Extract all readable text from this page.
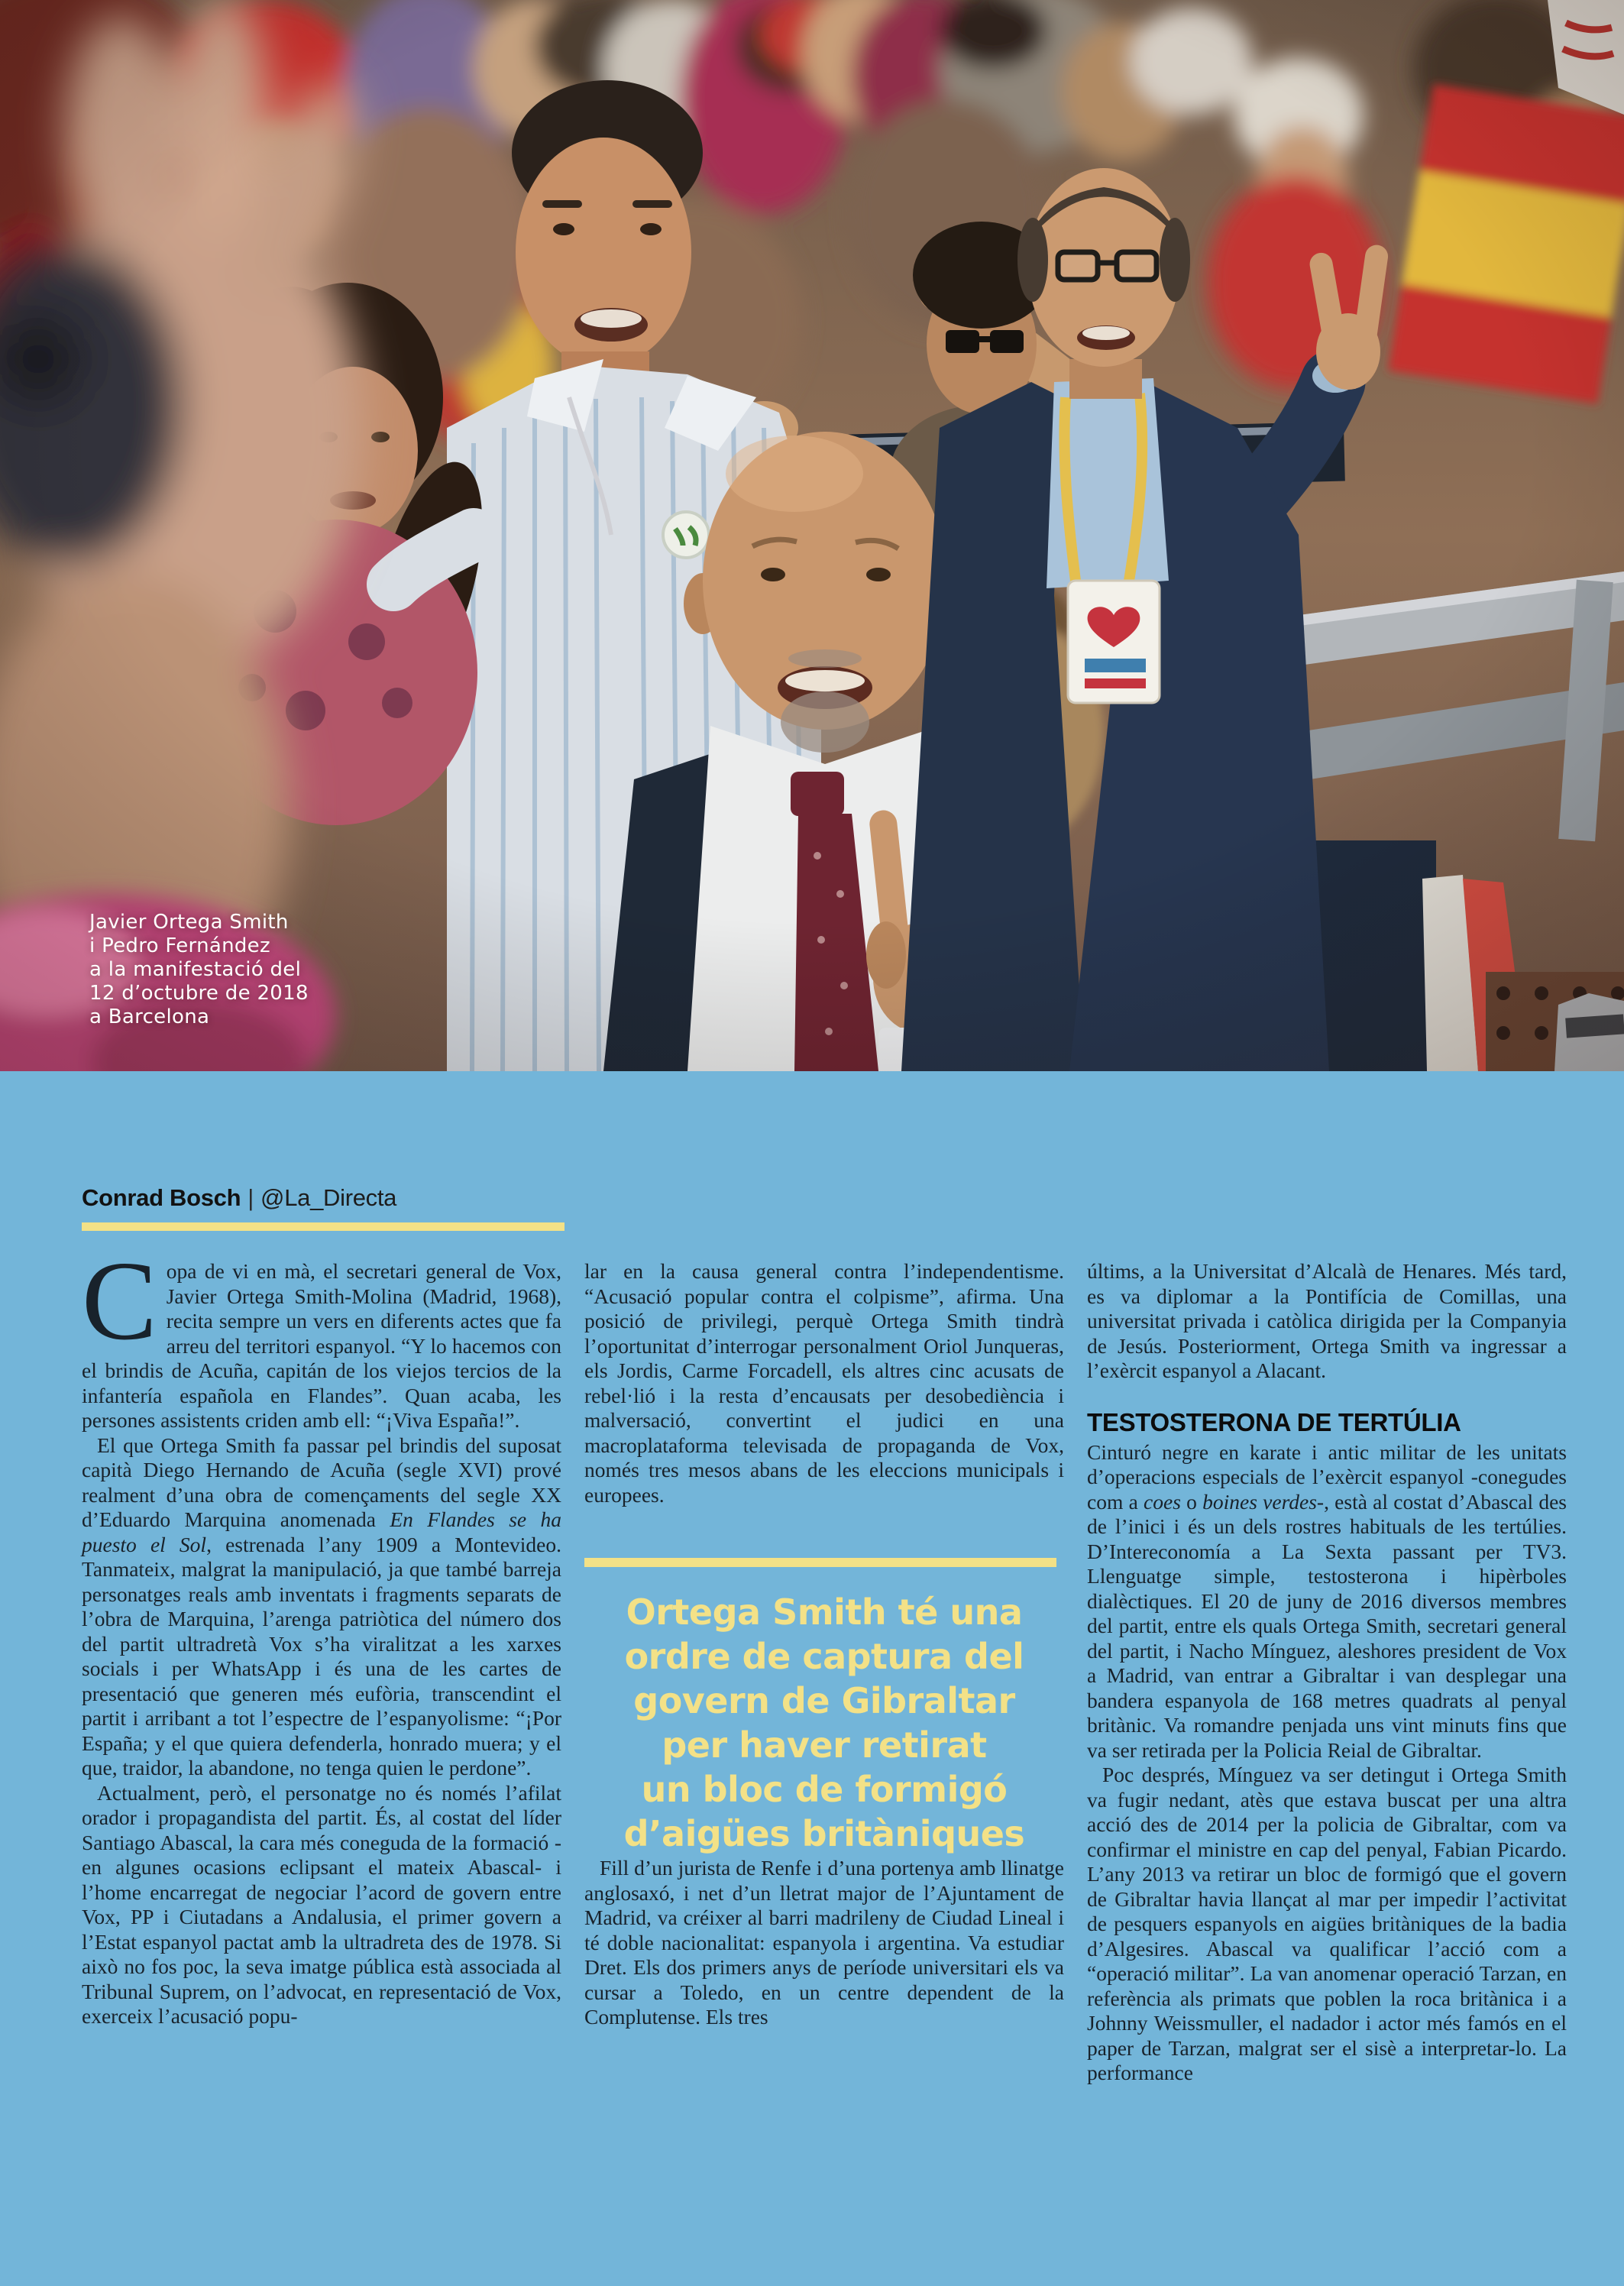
Javier Ortega Smith
i Pedro Fernández
a la manifestació del
12 d’octubre de 2018
a Barcelona
Conrad Bosch | @La_Directa

Copa de vi en mà, el secretari general de Vox, Javier Ortega Smith-Molina (Madrid, 1968), recita sempre un vers en diferents actes que fa arreu del territori espanyol. “Y lo hacemos con el brindis de Acuña, capitán de los viejos tercios de la infantería española en Flandes”. Quan acaba, les persones assistents criden amb ell: “¡Viva España!”.

El que Ortega Smith fa passar pel brindis del suposat capità Diego Hernando de Acuña (segle XVI) prové realment d’una obra de començaments del segle XX d’Eduardo Marquina anomenada En Flandes se ha puesto el Sol, estrenada l’any 1909 a Montevideo. Tanmateix, malgrat la manipulació, ja que també barreja personatges reals amb inventats i fragments separats de l’obra de Marquina, l’arenga patriòtica del número dos del partit ultradretà Vox s’ha viralitzat a les xarxes socials i per WhatsApp i és una de les cartes de presentació que generen més eufòria, transcendint el partit i arribant a tot l’espectre de l’espanyolisme: “¡Por España; y el que quiera defenderla, honrado muera; y el que, traidor, la abandone, no tenga quien le perdone”.

Actualment, però, el personatge no és només l’afilat orador i propagandista del partit. És, al costat del líder Santiago Abascal, la cara més coneguda de la formació -en algunes ocasions eclipsant el mateix Abascal- i l’home encarregat de negociar l’acord de govern entre Vox, PP i Ciutadans a Andalusia, el primer govern a l’Estat espanyol pactat amb la ultradreta des de 1978. Si això no fos poc, la seva imatge pública està associada al Tribunal Suprem, on l’advocat, en representació de Vox, exerceix l’acusació popu-

lar en la causa general contra l’independentisme. “Acusació popular contra el colpisme”, afirma. Una posició de privilegi, perquè Ortega Smith tindrà l’oportunitat d’interrogar personalment Oriol Junqueras, els Jordis, Carme Forcadell, els altres cinc acusats de rebel·lió i la resta d’encausats per desobediència i malversació, convertint el judici en una macroplataforma televisada de propaganda de Vox, només tres mesos abans de les eleccions municipals i europees.

Ortega Smith té una
ordre de captura del
govern de Gibraltar
per haver retirat
un bloc de formigó
d’aigües britàniques

Fill d’un jurista de Renfe i d’una portenya amb llinatge anglosaxó, i net d’un lletrat major de l’Ajuntament de Madrid, va créixer al barri madrileny de Ciudad Lineal i té doble nacionalitat: espanyola i argentina. Va estudiar Dret. Els dos primers anys de període universitari els va cursar a Toledo, en un centre dependent de la Complutense. Els tres

últims, a la Universitat d’Alcalà de Henares. Més tard, es va diplomar a la Pontifícia de Comillas, una universitat privada i catòlica dirigida per la Companyia de Jesús. Posteriorment, Ortega Smith va ingressar a l’exèrcit espanyol a Alacant.

TESTOSTERONA DE TERTÚLIA

Cinturó negre en karate i antic militar de les unitats d’operacions especials de l’exèrcit espanyol -conegudes com a coes o boines verdes-, està al costat d’Abascal des de l’inici i és un dels rostres habituals de les tertúlies. D’Intereconomía a La Sexta passant per TV3. Llenguatge simple, testosterona i hipèrboles dialèctiques. El 20 de juny de 2016 diversos membres del partit, entre els quals Ortega Smith, secretari general del partit, i Nacho Mínguez, aleshores president de Vox a Madrid, van entrar a Gibraltar i van desplegar una bandera espanyola de 168 metres quadrats al penyal britànic. Va romandre penjada uns vint minuts fins que va ser retirada per la Policia Reial de Gibraltar.

Poc després, Mínguez va ser detingut i Ortega Smith va fugir nedant, atès que estava buscat per una altra acció des de 2014 per la policia de Gibraltar, com va confirmar el ministre en cap del penyal, Fabian Picardo. L’any 2013 va retirar un bloc de formigó que el govern de Gibraltar havia llançat al mar per impedir l’activitat de pesquers espanyols en aigües britàniques de la badia d’Algesires. Abascal va qualificar l’acció com a “operació militar”. La van anomenar operació Tarzan, en referència als primats que poblen la roca britànica i a Johnny Weissmuller, el nadador i actor més famós en el paper de Tarzan, malgrat ser el sisè a interpretar-lo. La performance
